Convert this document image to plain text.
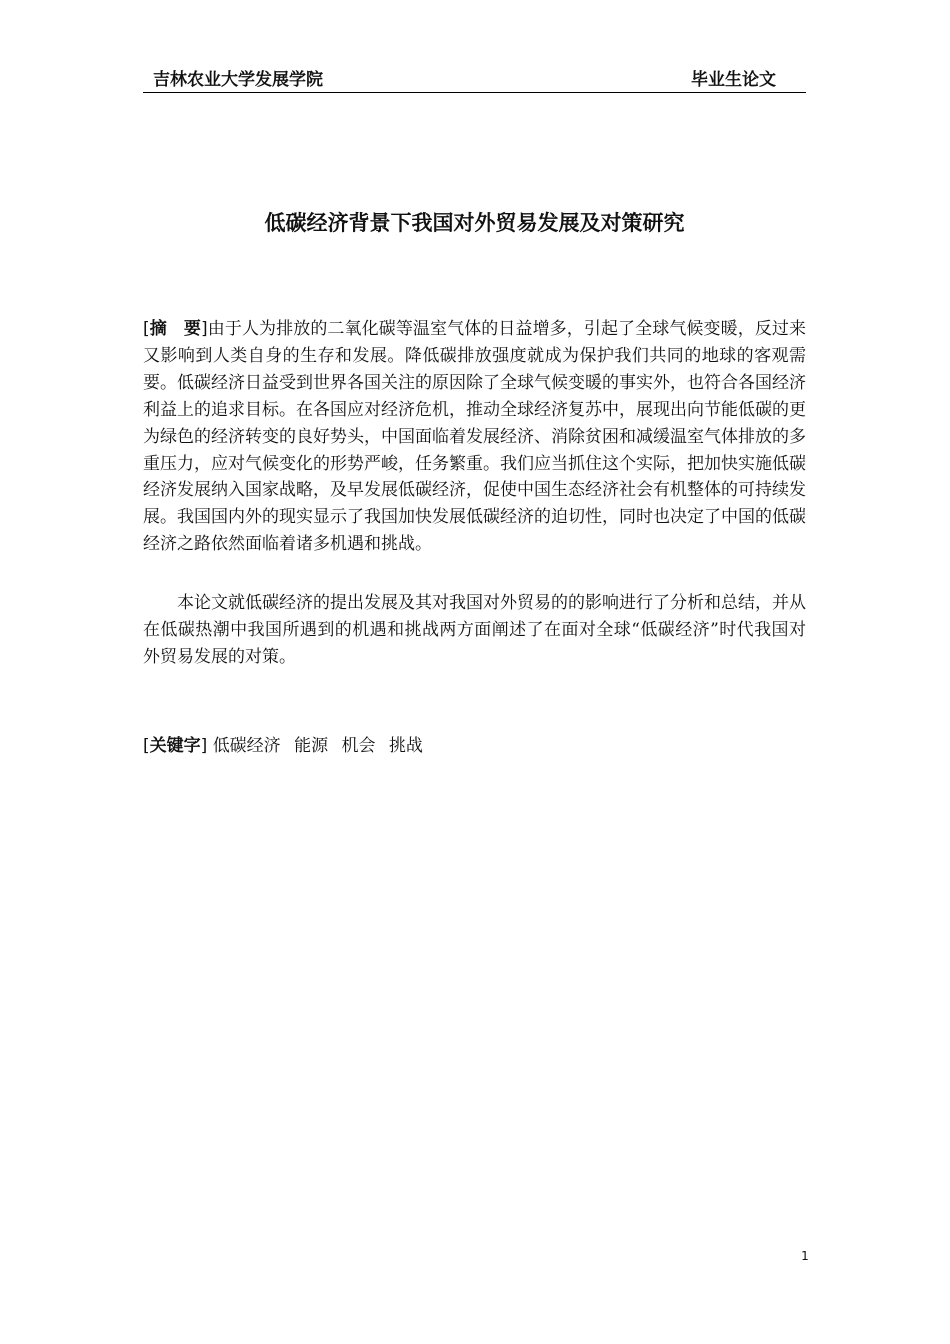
吉林农业大学发展学院	毕业生论文
低碳经济背景下我国对外贸易发展及对策研究

[摘　要]由于人为排放的二氧化碳等温室气体的日益增多，引起了全球气候变暖，反过来又影响到人类自身的生存和发展。降低碳排放强度就成为保护我们共同的地球的客观需要。低碳经济日益受到世界各国关注的原因除了全球气候变暖的事实外，也符合各国经济利益上的追求目标。在各国应对经济危机，推动全球经济复苏中，展现出向节能低碳的更为绿色的经济转变的良好势头，中国面临着发展经济、消除贫困和减缓温室气体排放的多重压力，应对气候变化的形势严峻，任务繁重。我们应当抓住这个实际，把加快实施低碳经济发展纳入国家战略，及早发展低碳经济，促使中国生态经济社会有机整体的可持续发展。我国国内外的现实显示了我国加快发展低碳经济的迫切性，同时也决定了中国的低碳经济之路依然面临着诸多机遇和挑战。

本论文就低碳经济的提出发展及其对我国对外贸易的的影响进行了分析和总结，并从在低碳热潮中我国所遇到的机遇和挑战两方面阐述了在面对全球“低碳经济”时代我国对外贸易发展的对策。

[关键字] 低碳经济 能源 机会 挑战
1
